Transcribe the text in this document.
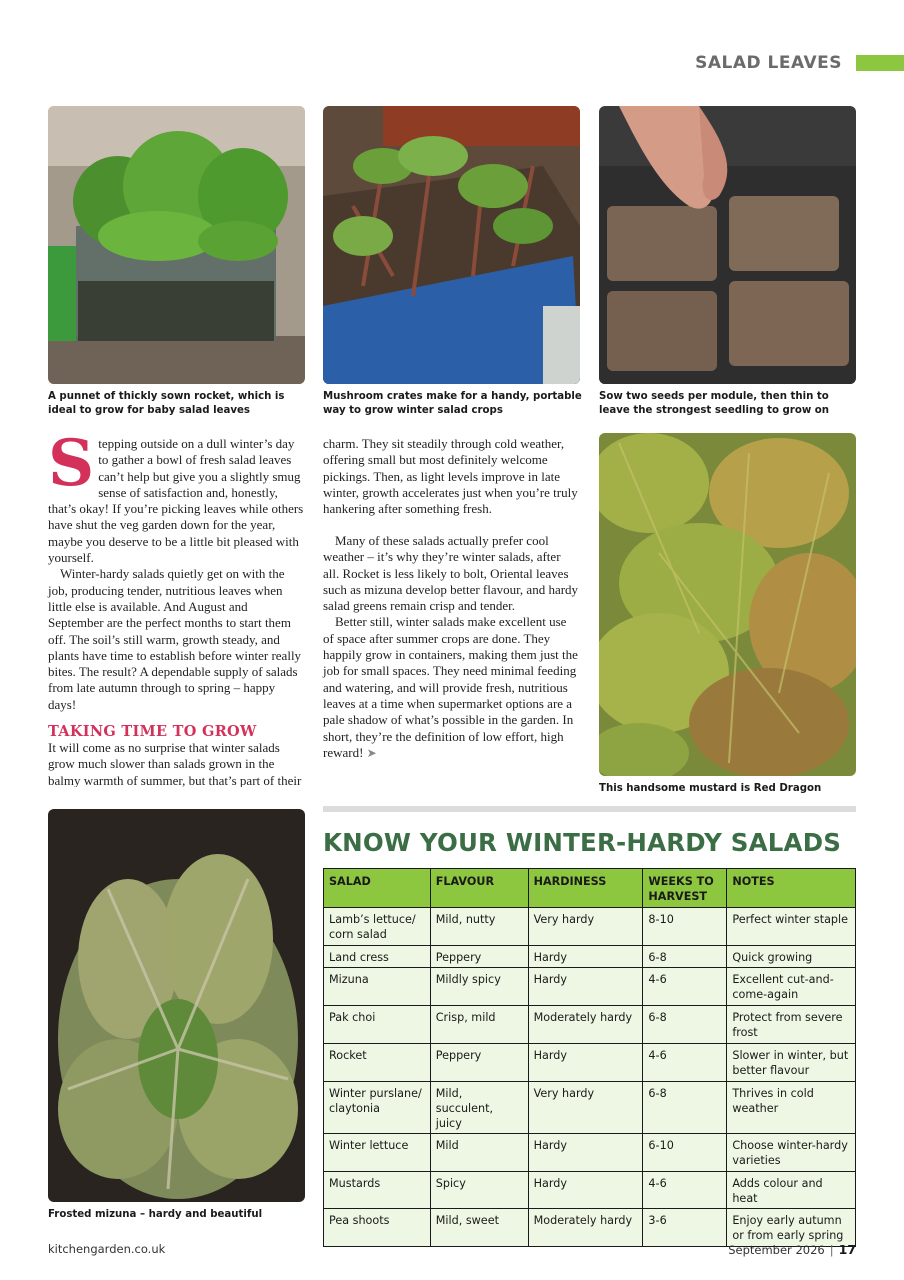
SALAD LEAVES
A punnet of thickly sown rocket, which is ideal to grow for baby salad leaves
Mushroom crates make for a handy, portable way to grow winter salad crops
Sow two seeds per module, then thin to leave the strongest seedling to grow on
This handsome mustard is Red Dragon
Frosted mizuna – hardy and beautiful

Stepping outside on a dull winter’s day to gather a bowl of fresh salad leaves can’t help but give you a slightly smug sense of satisfaction and, honestly, that’s okay! If you’re picking leaves while others have shut the veg garden down for the year, maybe you deserve to be a little bit pleased with yourself.

Winter-hardy salads quietly get on with the job, producing tender, nutritious leaves when little else is available. And August and September are the perfect months to start them off. The soil’s still warm, growth steady, and plants have time to establish before winter really bites. The result? A dependable supply of salads from late autumn through to spring – happy days!

TAKING TIME TO GROW

It will come as no surprise that winter salads grow much slower than salads grown in the balmy warmth of summer, but that’s part of their

charm. They sit steadily through cold weather, offering small but most definitely welcome pickings. Then, as light levels improve in late winter, growth accelerates just when you’re truly hankering after something fresh.

Many of these salads actually prefer cool weather – it’s why they’re winter salads, after all. Rocket is less likely to bolt, Oriental leaves such as mizuna develop better flavour, and hardy salad greens remain crisp and tender.

Better still, winter salads make excellent use of space after summer crops are done. They happily grow in containers, making them just the job for small spaces. They need minimal feeding and watering, and will provide fresh, nutritious leaves at a time when supermarket options are a pale shadow of what’s possible in the garden. In short, they’re the definition of low effort, high reward! ➤

KNOW YOUR WINTER-HARDY SALADS
SALAD	FLAVOUR	HARDINESS	WEEKS TO HARVEST	NOTES
Lamb’s lettuce/ corn salad	Mild, nutty	Very hardy	8-10	Perfect winter staple
Land cress	Peppery	Hardy	6-8	Quick growing
Mizuna	Mildly spicy	Hardy	4-6	Excellent cut-and-come-again
Pak choi	Crisp, mild	Moderately hardy	6-8	Protect from severe frost
Rocket	Peppery	Hardy	4-6	Slower in winter, but better flavour
Winter purslane/ claytonia	Mild, succulent, juicy	Very hardy	6-8	Thrives in cold weather
Winter lettuce	Mild	Hardy	6-10	Choose winter-hardy varieties
Mustards	Spicy	Hardy	4-6	Adds colour and heat
Pea shoots	Mild, sweet	Moderately hardy	3-6	Enjoy early autumn or from early spring
kitchengarden.co.uk	September 2026 | 17
